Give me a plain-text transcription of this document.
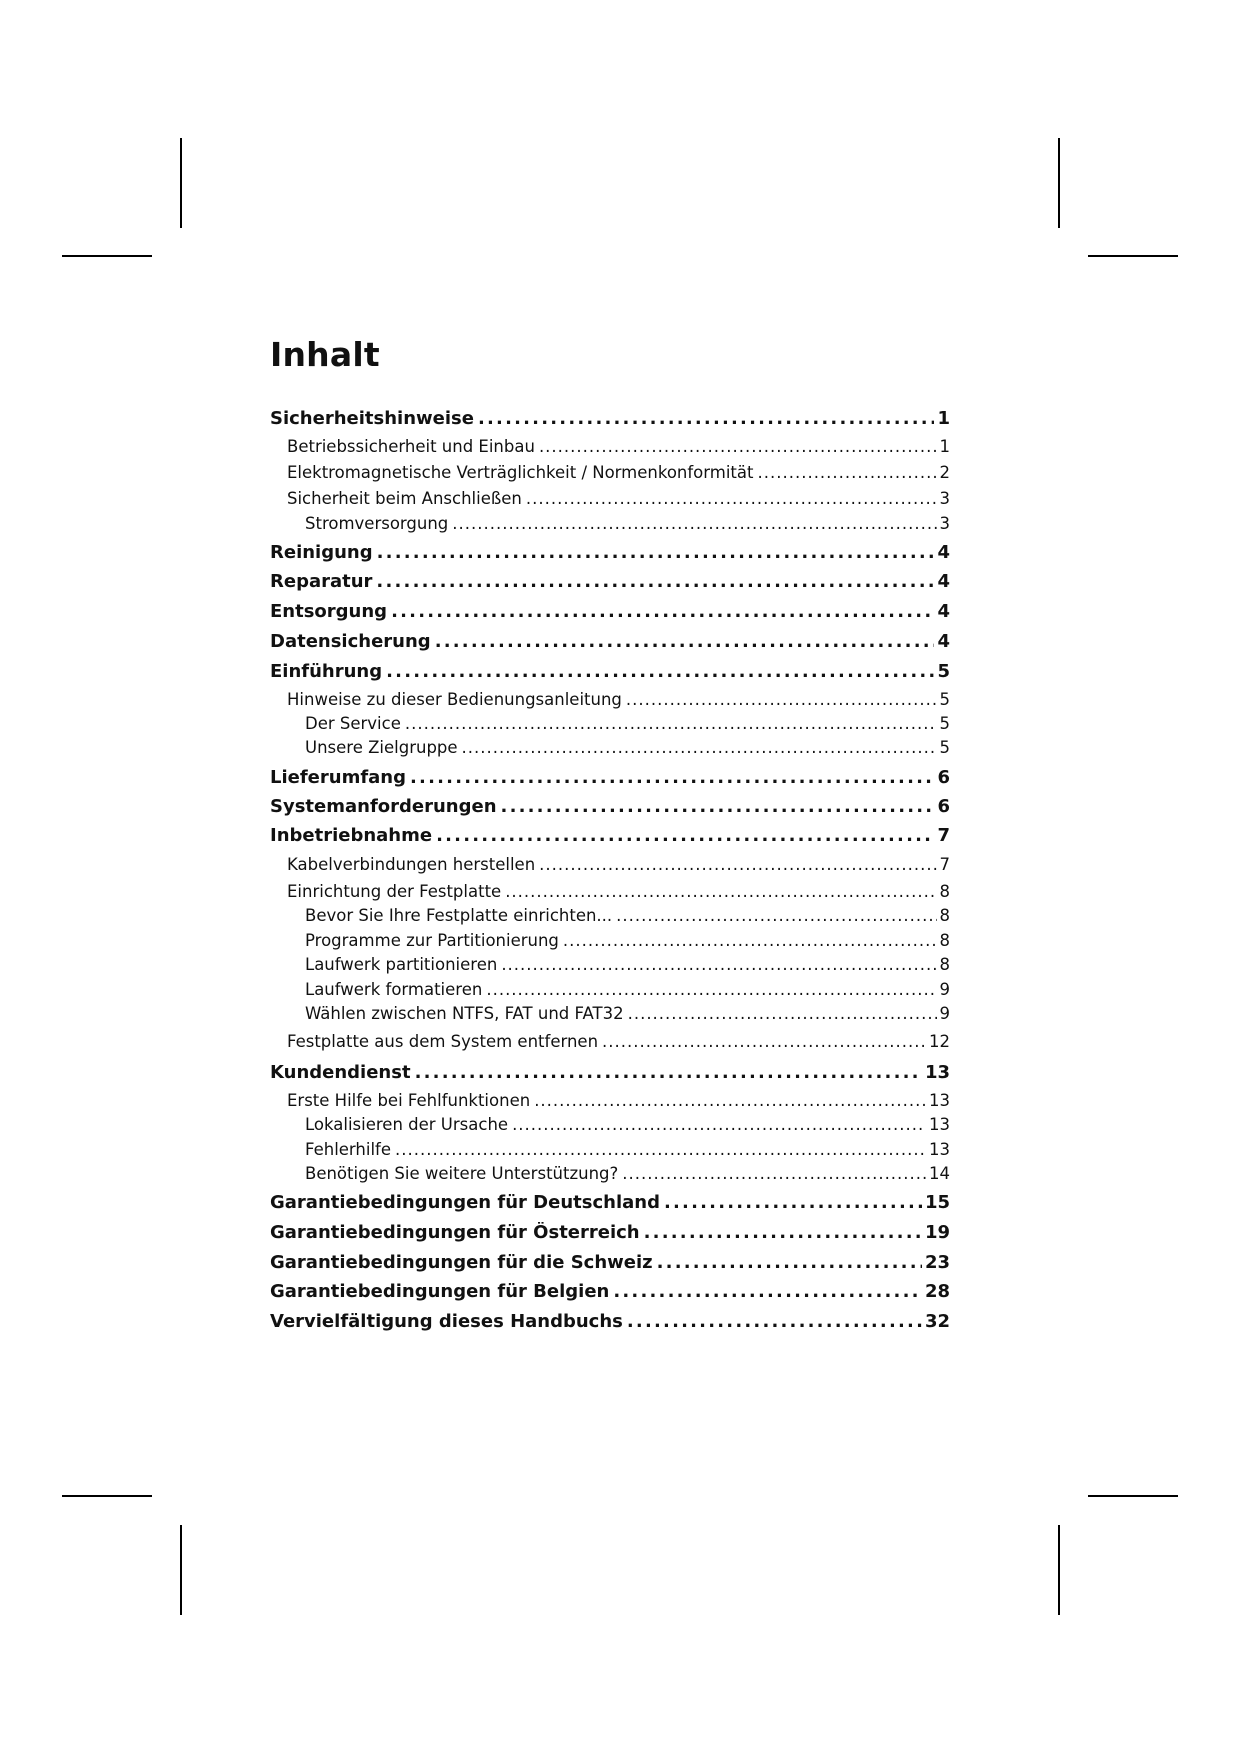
Inhalt
Sicherheitshinweise .....	1
Betriebssicherheit und Einbau .....	1
Elektromagnetische Verträglichkeit / Normenkonformität .....	2
Sicherheit beim Anschließen .....	3
Stromversorgung .....	3
Reinigung .....	4
Reparatur .....	4
Entsorgung .....	4
Datensicherung .....	4
Einführung .....	5
Hinweise zu dieser Bedienungsanleitung .....	5
Der Service .....	5
Unsere Zielgruppe .....	5
Lieferumfang .....	6
Systemanforderungen .....	6
Inbetriebnahme .....	7
Kabelverbindungen herstellen .....	7
Einrichtung der Festplatte .....	8
Bevor Sie Ihre Festplatte einrichten... .....	8
Programme zur Partitionierung .....	8
Laufwerk partitionieren .....	8
Laufwerk formatieren .....	9
Wählen zwischen NTFS, FAT und FAT32 .....	9
Festplatte aus dem System entfernen .....	12
Kundendienst .....	13
Erste Hilfe bei Fehlfunktionen .....	13
Lokalisieren der Ursache .....	13
Fehlerhilfe .....	13
Benötigen Sie weitere Unterstützung? .....	14
Garantiebedingungen für Deutschland .....	15
Garantiebedingungen für Österreich .....	19
Garantiebedingungen für die Schweiz .....	23
Garantiebedingungen für Belgien .....	28
Vervielfältigung dieses Handbuchs .....	32
